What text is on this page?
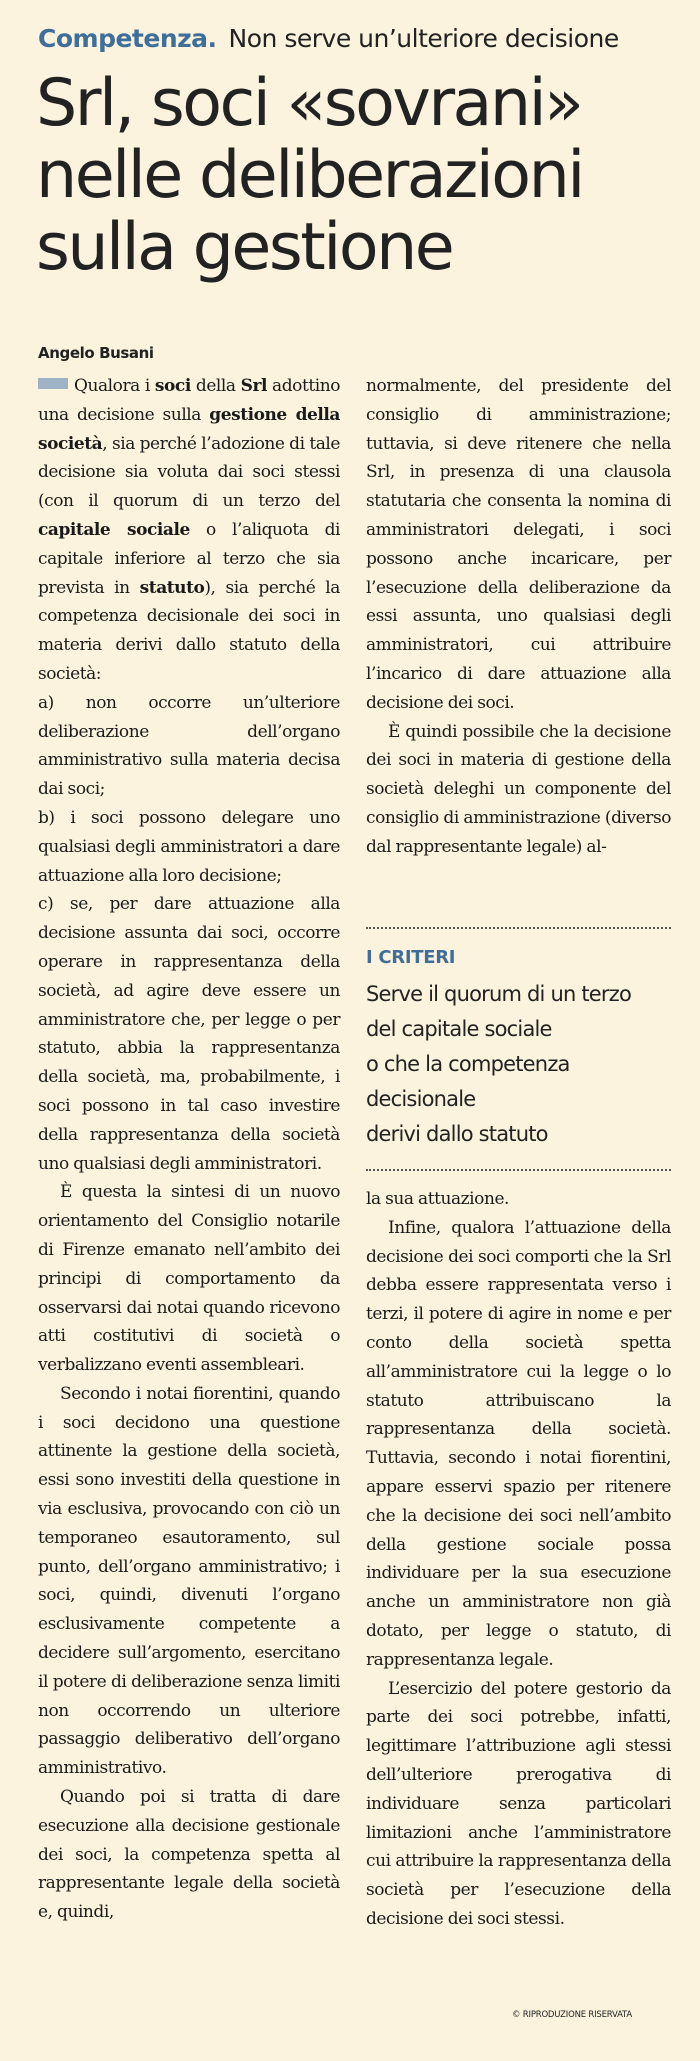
Competenza. Non serve un’ulteriore decisione
Srl, soci «sovrani»
nelle deliberazioni
sulla gestione
Angelo Busani

Qualora i soci della Srl adottino una decisione sulla gestione della società, sia perché l’adozione di tale decisione sia voluta dai soci stessi (con il quorum di un terzo del capitale sociale o l’aliquota di capitale inferiore al terzo che sia prevista in statuto), sia perché la competenza decisionale dei soci in materia derivi dallo statuto della società:

a) non occorre un’ulteriore deliberazione dell’organo amministrativo sulla materia decisa dai soci;

b) i soci possono delegare uno qualsiasi degli amministratori a dare attuazione alla loro decisione;

c) se, per dare attuazione alla decisione assunta dai soci, occorre operare in rappresentanza della società, ad agire deve essere un amministratore che, per legge o per statuto, abbia la rappresentanza della società, ma, probabilmente, i soci possono in tal caso investire della rappresentanza della società uno qualsiasi degli amministratori.

È questa la sintesi di un nuovo orientamento del Consiglio notarile di Firenze emanato nell’ambito dei principi di comportamento da osservarsi dai notai quando ricevono atti costitutivi di società o verbalizzano eventi assembleari.

Secondo i notai fiorentini, quando i soci decidono una questione attinente la gestione della società, essi sono investiti della questione in via esclusiva, provocando con ciò un temporaneo esautoramento, sul punto, dell’organo amministrativo; i soci, quindi, divenuti l’organo esclusivamente competente a decidere sull’argomento, esercitano il potere di deliberazione senza limiti non occorrendo un ulteriore passaggio deliberativo dell’organo amministrativo.

Quando poi si tratta di dare esecuzione alla decisione gestionale dei soci, la competenza spetta al rappresentante legale della società e, quindi,

normalmente, del presidente del consiglio di amministrazione; tuttavia, si deve ritenere che nella Srl, in presenza di una clausola statutaria che consenta la nomina di amministratori delegati, i soci possono anche incaricare, per l’esecuzione della deliberazione da essi assunta, uno qualsiasi degli amministratori, cui attribuire l’incarico di dare attuazione alla decisione dei soci.

È quindi possibile che la decisione dei soci in materia di gestione della società deleghi un componente del consiglio di amministrazione (diverso dal rappresentante legale) al-

I CRITERI
Serve il quorum di un terzo
del capitale sociale
o che la competenza
decisionale
derivi dallo statuto

la sua attuazione.

Infine, qualora l’attuazione della decisione dei soci comporti che la Srl debba essere rappresentata verso i terzi, il potere di agire in nome e per conto della società spetta all’amministratore cui la legge o lo statuto attribuiscano la rappresentanza della società. Tuttavia, secondo i notai fiorentini, appare esservi spazio per ritenere che la decisione dei soci nell’ambito della gestione sociale possa individuare per la sua esecuzione anche un amministratore non già dotato, per legge o statuto, di rappresentanza legale.

L’esercizio del potere gestorio da parte dei soci potrebbe, infatti, legittimare l’attribuzione agli stessi dell’ulteriore prerogativa di individuare senza particolari limitazioni anche l’amministratore cui attribuire la rappresentanza della società per l’esecuzione della decisione dei soci stessi.

© RIPRODUZIONE RISERVATA
